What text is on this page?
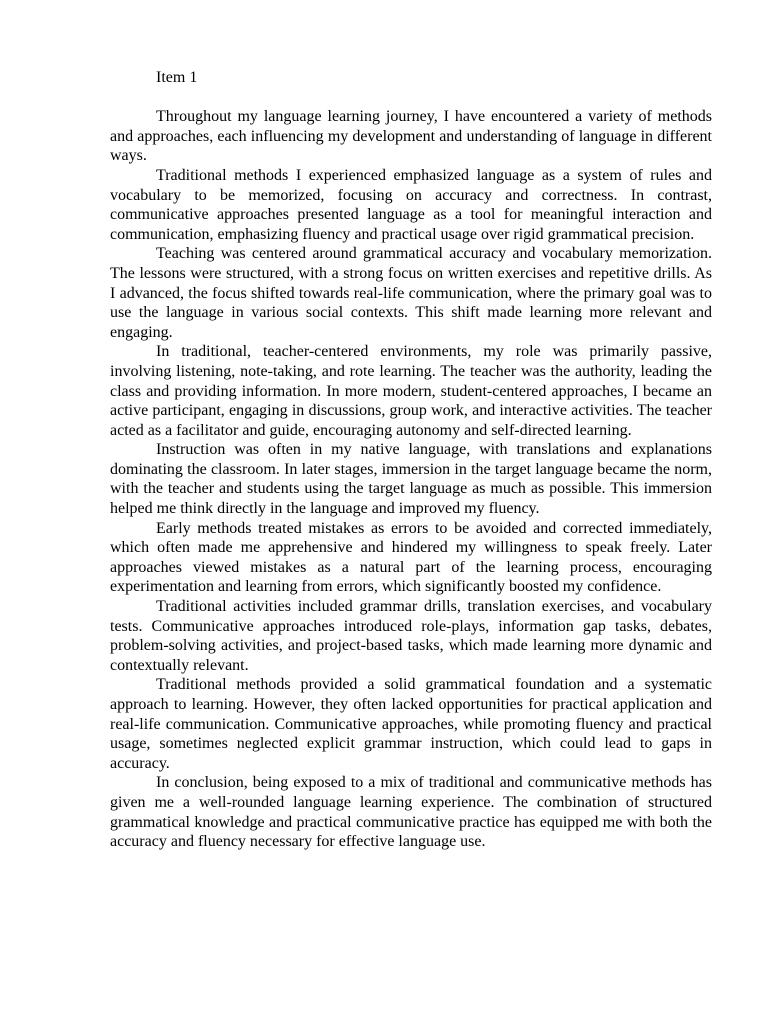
Item 1

Throughout my language learning journey, I have encountered a variety of methods and approaches, each influencing my development and understanding of language in different ways.

Traditional methods I experienced emphasized language as a system of rules and vocabulary to be memorized, focusing on accuracy and correctness. In contrast, communicative approaches presented language as a tool for meaningful interaction and communication, emphasizing fluency and practical usage over rigid grammatical precision.

Teaching was centered around grammatical accuracy and vocabulary memorization. The lessons were structured, with a strong focus on written exercises and repetitive drills. As I advanced, the focus shifted towards real-life communication, where the primary goal was to use the language in various social contexts. This shift made learning more relevant and engaging.

In traditional, teacher-centered environments, my role was primarily passive, involving listening, note-taking, and rote learning. The teacher was the authority, leading the class and providing information. In more modern, student-centered approaches, I became an active participant, engaging in discussions, group work, and interactive activities. The teacher acted as a facilitator and guide, encouraging autonomy and self-directed learning.

Instruction was often in my native language, with translations and explanations dominating the classroom. In later stages, immersion in the target language became the norm, with the teacher and students using the target language as much as possible. This immersion helped me think directly in the language and improved my fluency.

Early methods treated mistakes as errors to be avoided and corrected immediately, which often made me apprehensive and hindered my willingness to speak freely. Later approaches viewed mistakes as a natural part of the learning process, encouraging experimentation and learning from errors, which significantly boosted my confidence.

Traditional activities included grammar drills, translation exercises, and vocabulary tests. Communicative approaches introduced role-plays, information gap tasks, debates, problem-solving activities, and project-based tasks, which made learning more dynamic and contextually relevant.

Traditional methods provided a solid grammatical foundation and a systematic approach to learning. However, they often lacked opportunities for practical application and real-life communication. Communicative approaches, while promoting fluency and practical usage, sometimes neglected explicit grammar instruction, which could lead to gaps in accuracy.

In conclusion, being exposed to a mix of traditional and communicative methods has given me a well-rounded language learning experience. The combination of structured grammatical knowledge and practical communicative practice has equipped me with both the accuracy and fluency necessary for effective language use.
